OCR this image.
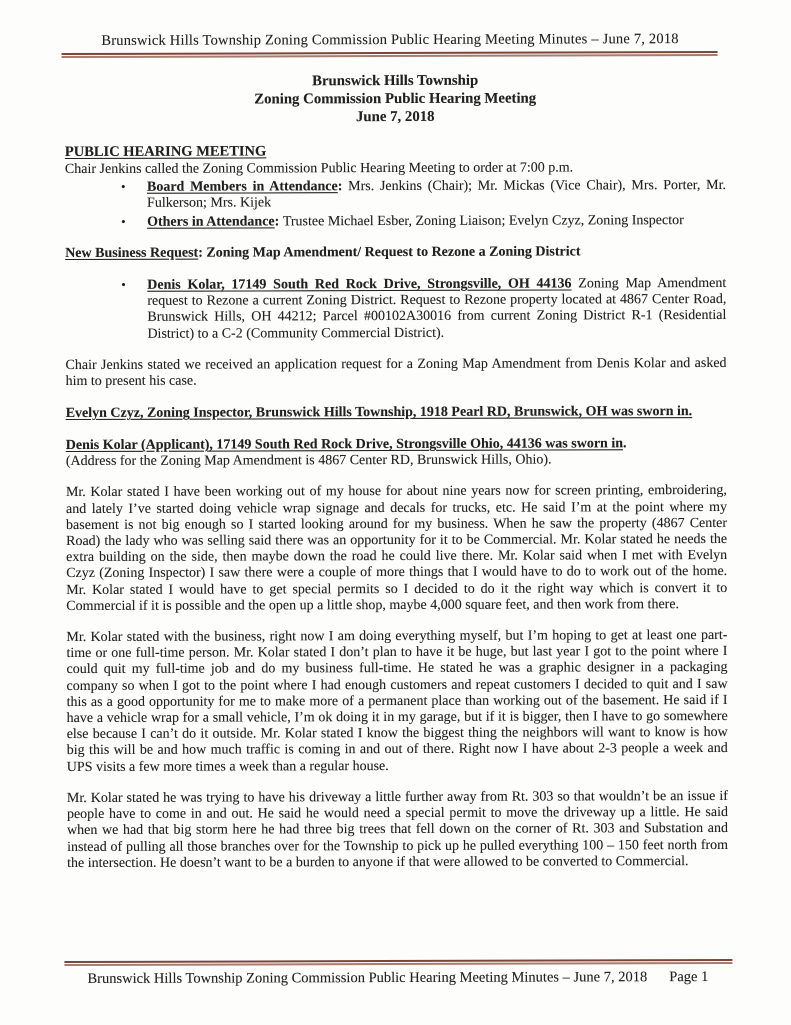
Brunswick Hills Township Zoning Commission Public Hearing Meeting Minutes – June 7, 2018
Brunswick Hills Township
Zoning Commission Public Hearing Meeting
June 7, 2018
PUBLIC HEARING MEETING
Chair Jenkins called the Zoning Commission Public Hearing Meeting to order at 7:00 p.m.
• Board Members in Attendance: Mrs. Jenkins (Chair); Mr. Mickas (Vice Chair), Mrs. Porter, Mr. Fulkerson; Mrs. Kijek
• Others in Attendance: Trustee Michael Esber, Zoning Liaison; Evelyn Czyz, Zoning Inspector
New Business Request: Zoning Map Amendment/ Request to Rezone a Zoning District
• Denis Kolar, 17149 South Red Rock Drive, Strongsville, OH 44136 Zoning Map Amendment request to Rezone a current Zoning District. Request to Rezone property located at 4867 Center Road, Brunswick Hills, OH 44212; Parcel #00102A30016 from current Zoning District R-1 (Residential District) to a C-2 (Community Commercial District).

Chair Jenkins stated we received an application request for a Zoning Map Amendment from Denis Kolar and asked him to present his case.

Evelyn Czyz, Zoning Inspector, Brunswick Hills Township, 1918 Pearl RD, Brunswick, OH was sworn in.
Denis Kolar (Applicant), 17149 South Red Rock Drive, Strongsville Ohio, 44136 was sworn in.
(Address for the Zoning Map Amendment is 4867 Center RD, Brunswick Hills, Ohio).

Mr. Kolar stated I have been working out of my house for about nine years now for screen printing, embroidering, and lately I’ve started doing vehicle wrap signage and decals for trucks, etc. He said I’m at the point where my basement is not big enough so I started looking around for my business. When he saw the property (4867 Center Road) the lady who was selling said there was an opportunity for it to be Commercial. Mr. Kolar stated he needs the extra building on the side, then maybe down the road he could live there. Mr. Kolar said when I met with Evelyn Czyz (Zoning Inspector) I saw there were a couple of more things that I would have to do to work out of the home. Mr. Kolar stated I would have to get special permits so I decided to do it the right way which is convert it to Commercial if it is possible and the open up a little shop, maybe 4,000 square feet, and then work from there.

Mr. Kolar stated with the business, right now I am doing everything myself, but I’m hoping to get at least one part-time or one full-time person. Mr. Kolar stated I don’t plan to have it be huge, but last year I got to the point where I could quit my full-time job and do my business full-time. He stated he was a graphic designer in a packaging company so when I got to the point where I had enough customers and repeat customers I decided to quit and I saw this as a good opportunity for me to make more of a permanent place than working out of the basement. He said if I have a vehicle wrap for a small vehicle, I’m ok doing it in my garage, but if it is bigger, then I have to go somewhere else because I can’t do it outside. Mr. Kolar stated I know the biggest thing the neighbors will want to know is how big this will be and how much traffic is coming in and out of there. Right now I have about 2-3 people a week and UPS visits a few more times a week than a regular house.

Mr. Kolar stated he was trying to have his driveway a little further away from Rt. 303 so that wouldn’t be an issue if people have to come in and out. He said he would need a special permit to move the driveway up a little. He said when we had that big storm here he had three big trees that fell down on the corner of Rt. 303 and Substation and instead of pulling all those branches over for the Township to pick up he pulled everything 100 – 150 feet north from the intersection. He doesn’t want to be a burden to anyone if that were allowed to be converted to Commercial.

Brunswick Hills Township Zoning Commission Public Hearing Meeting Minutes – June 7, 2018 Page 1
